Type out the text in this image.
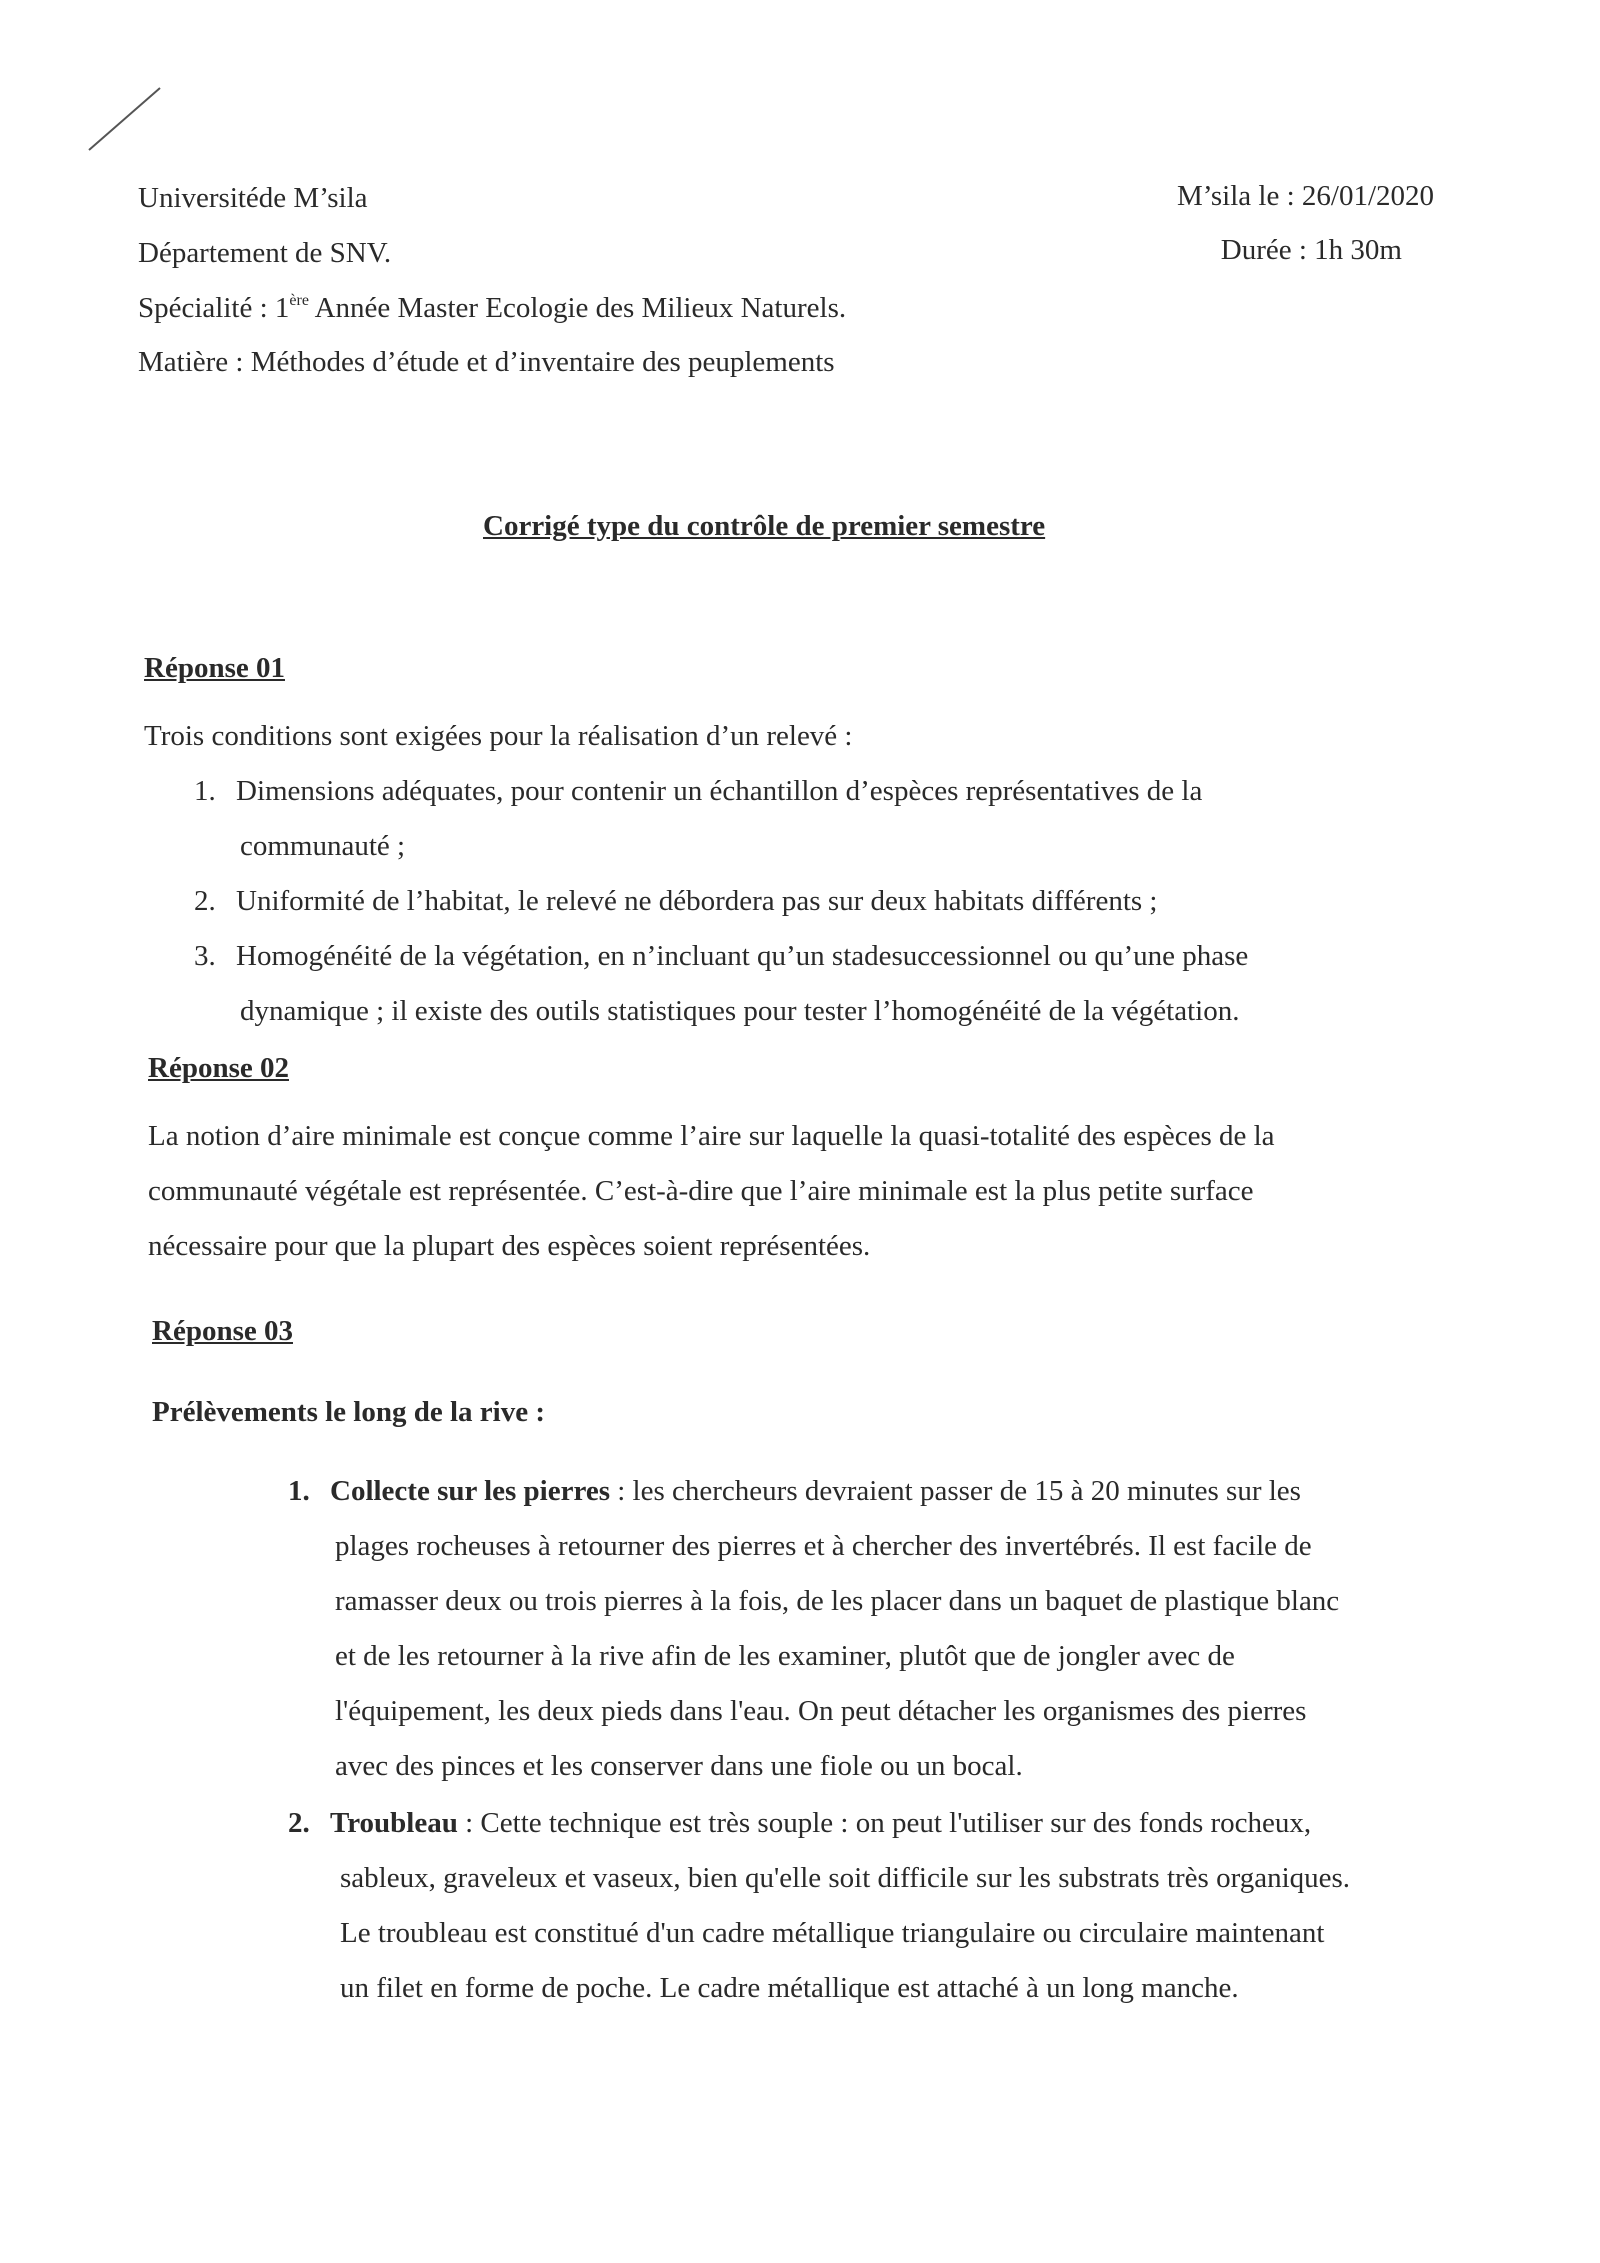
Universitéde M’sila
Département de SNV.
Spécialité : 1ère Année Master Ecologie des Milieux Naturels.
Matière : Méthodes d’étude et d’inventaire des peuplements
M’sila le : 26/01/2020
Durée : 1h 30m
Corrigé type du contrôle de premier semestre
Réponse 01
Trois conditions sont exigées pour la réalisation d’un relevé :
1. Dimensions adéquates, pour contenir un échantillon d’espèces représentatives de la
communauté ;
2. Uniformité de l’habitat, le relevé ne débordera pas sur deux habitats différents ;
3. Homogénéité de la végétation, en n’incluant qu’un stadesuccessionnel ou qu’une phase
dynamique ; il existe des outils statistiques pour tester l’homogénéité de la végétation.
Réponse 02
La notion d’aire minimale est conçue comme l’aire sur laquelle la quasi-totalité des espèces de la
communauté végétale est représentée. C’est-à-dire que l’aire minimale est la plus petite surface
nécessaire pour que la plupart des espèces soient représentées.
Réponse 03
Prélèvements le long de la rive :
1. Collecte sur les pierres : les chercheurs devraient passer de 15 à 20 minutes sur les
plages rocheuses à retourner des pierres et à chercher des invertébrés. Il est facile de
ramasser deux ou trois pierres à la fois, de les placer dans un baquet de plastique blanc
et de les retourner à la rive afin de les examiner, plutôt que de jongler avec de
l'équipement, les deux pieds dans l'eau. On peut détacher les organismes des pierres
avec des pinces et les conserver dans une fiole ou un bocal.
2. Troubleau : Cette technique est très souple : on peut l'utiliser sur des fonds rocheux,
sableux, graveleux et vaseux, bien qu'elle soit difficile sur les substrats très organiques.
Le troubleau est constitué d'un cadre métallique triangulaire ou circulaire maintenant
un filet en forme de poche. Le cadre métallique est attaché à un long manche.
